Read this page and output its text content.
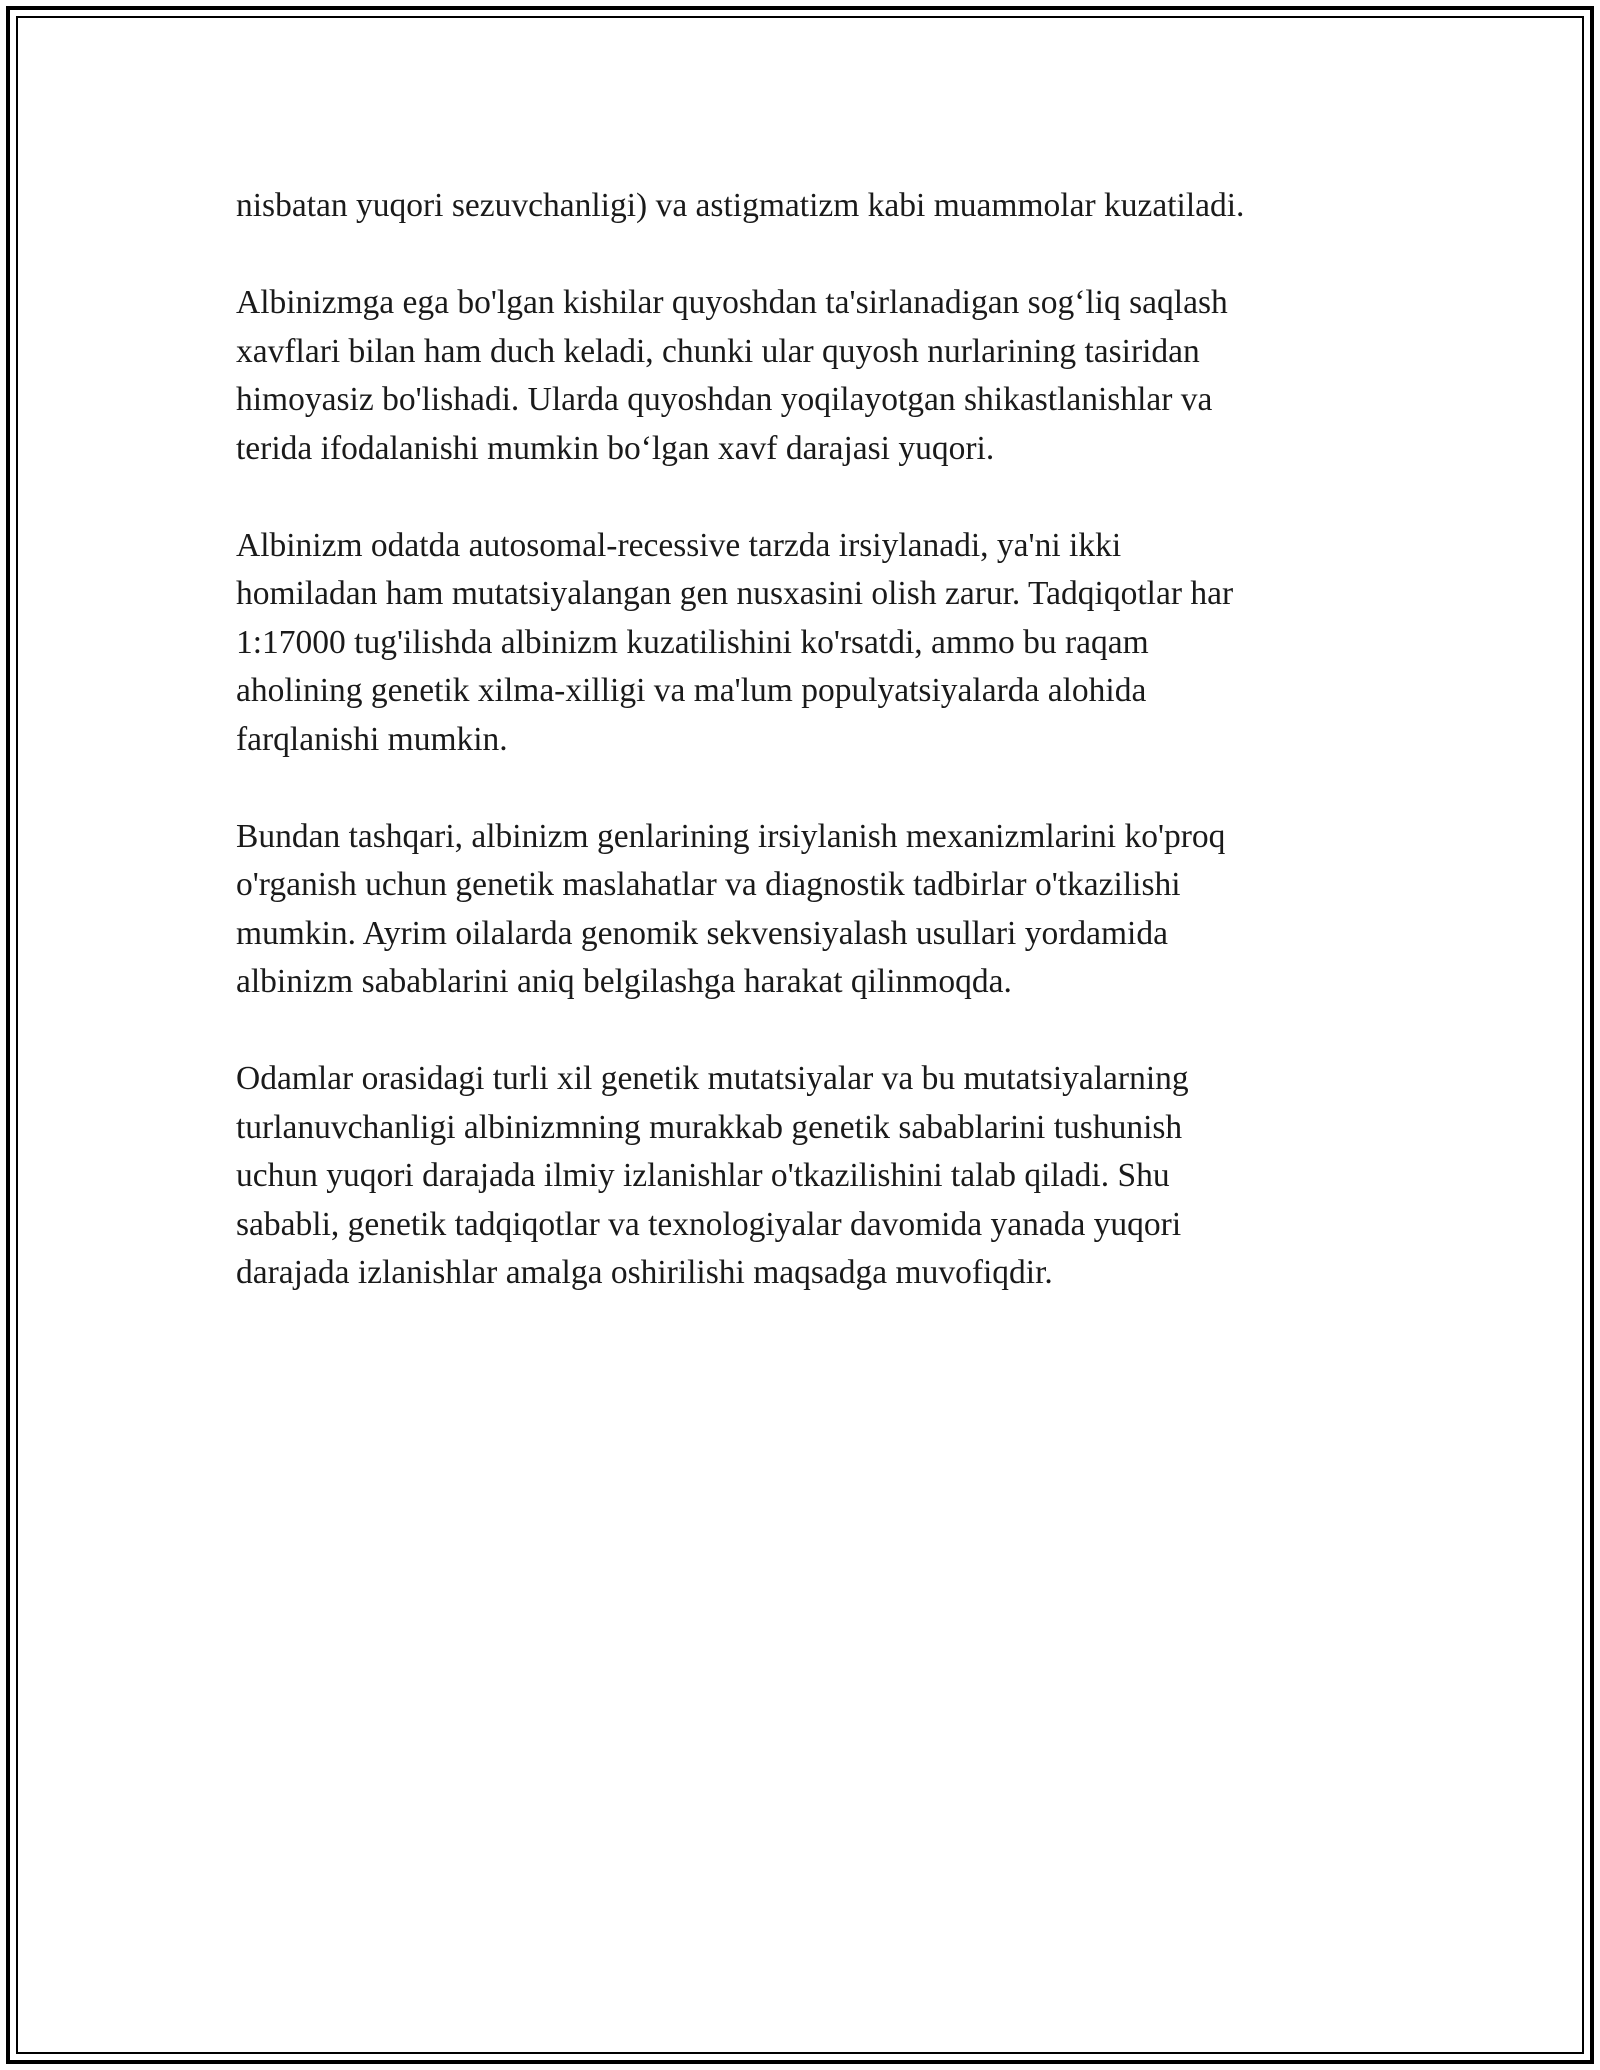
nisbatan yuqori sezuvchanligi) va astigmatizm kabi muammolar kuzatiladi.

Albinizmga ega bo'lgan kishilar quyoshdan ta'sirlanadigan sog‘liq saqlash
xavflari bilan ham duch keladi, chunki ular quyosh nurlarining tasiridan
himoyasiz bo'lishadi. Ularda quyoshdan yoqilayotgan shikastlanishlar va
terida ifodalanishi mumkin bo‘lgan xavf darajasi yuqori.

Albinizm odatda autosomal-recessive tarzda irsiylanadi, ya'ni ikki
homiladan ham mutatsiyalangan gen nusxasini olish zarur. Tadqiqotlar har
1:17000 tug'ilishda albinizm kuzatilishini ko'rsatdi, ammo bu raqam
aholining genetik xilma-xilligi va ma'lum populyatsiyalarda alohida
farqlanishi mumkin.

Bundan tashqari, albinizm genlarining irsiylanish mexanizmlarini ko'proq
o'rganish uchun genetik maslahatlar va diagnostik tadbirlar o'tkazilishi
mumkin. Ayrim oilalarda genomik sekvensiyalash usullari yordamida
albinizm sabablarini aniq belgilashga harakat qilinmoqda.

Odamlar orasidagi turli xil genetik mutatsiyalar va bu mutatsiyalarning
turlanuvchanligi albinizmning murakkab genetik sabablarini tushunish
uchun yuqori darajada ilmiy izlanishlar o'tkazilishini talab qiladi. Shu
sababli, genetik tadqiqotlar va texnologiyalar davomida yanada yuqori
darajada izlanishlar amalga oshirilishi maqsadga muvofiqdir.
